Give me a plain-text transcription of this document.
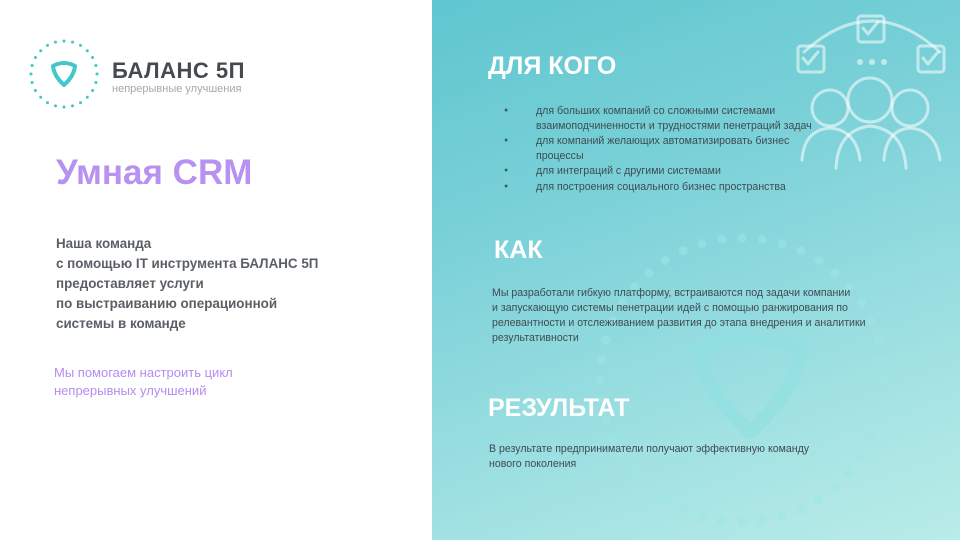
БАЛАНС 5П
непрерывные улучшения
Умная CRM
Наша команда
с помощью IT инструмента БАЛАНС 5П
предоставляет услуги
по выстраиванию операционной
системы в команде
Мы помогаем настроить цикл
непрерывных улучшений
ДЛЯ КОГО
● для больших компаний со сложными системами взаимоподчиненности и трудностями пенетраций задач
● для компаний желающих автоматизировать бизнес процессы
● для интеграций с другими системами
● для построения социального бизнес пространства
КАК
Мы разработали гибкую платформу, встраиваются под задачи компании
и запускающую системы пенетрации идей с помощью ранжирования по
релевантности и отслеживанием развития до этапа внедрения и аналитики
результативности
РЕЗУЛЬТАТ
В результате предприниматели получают эффективную команду
нового поколения
